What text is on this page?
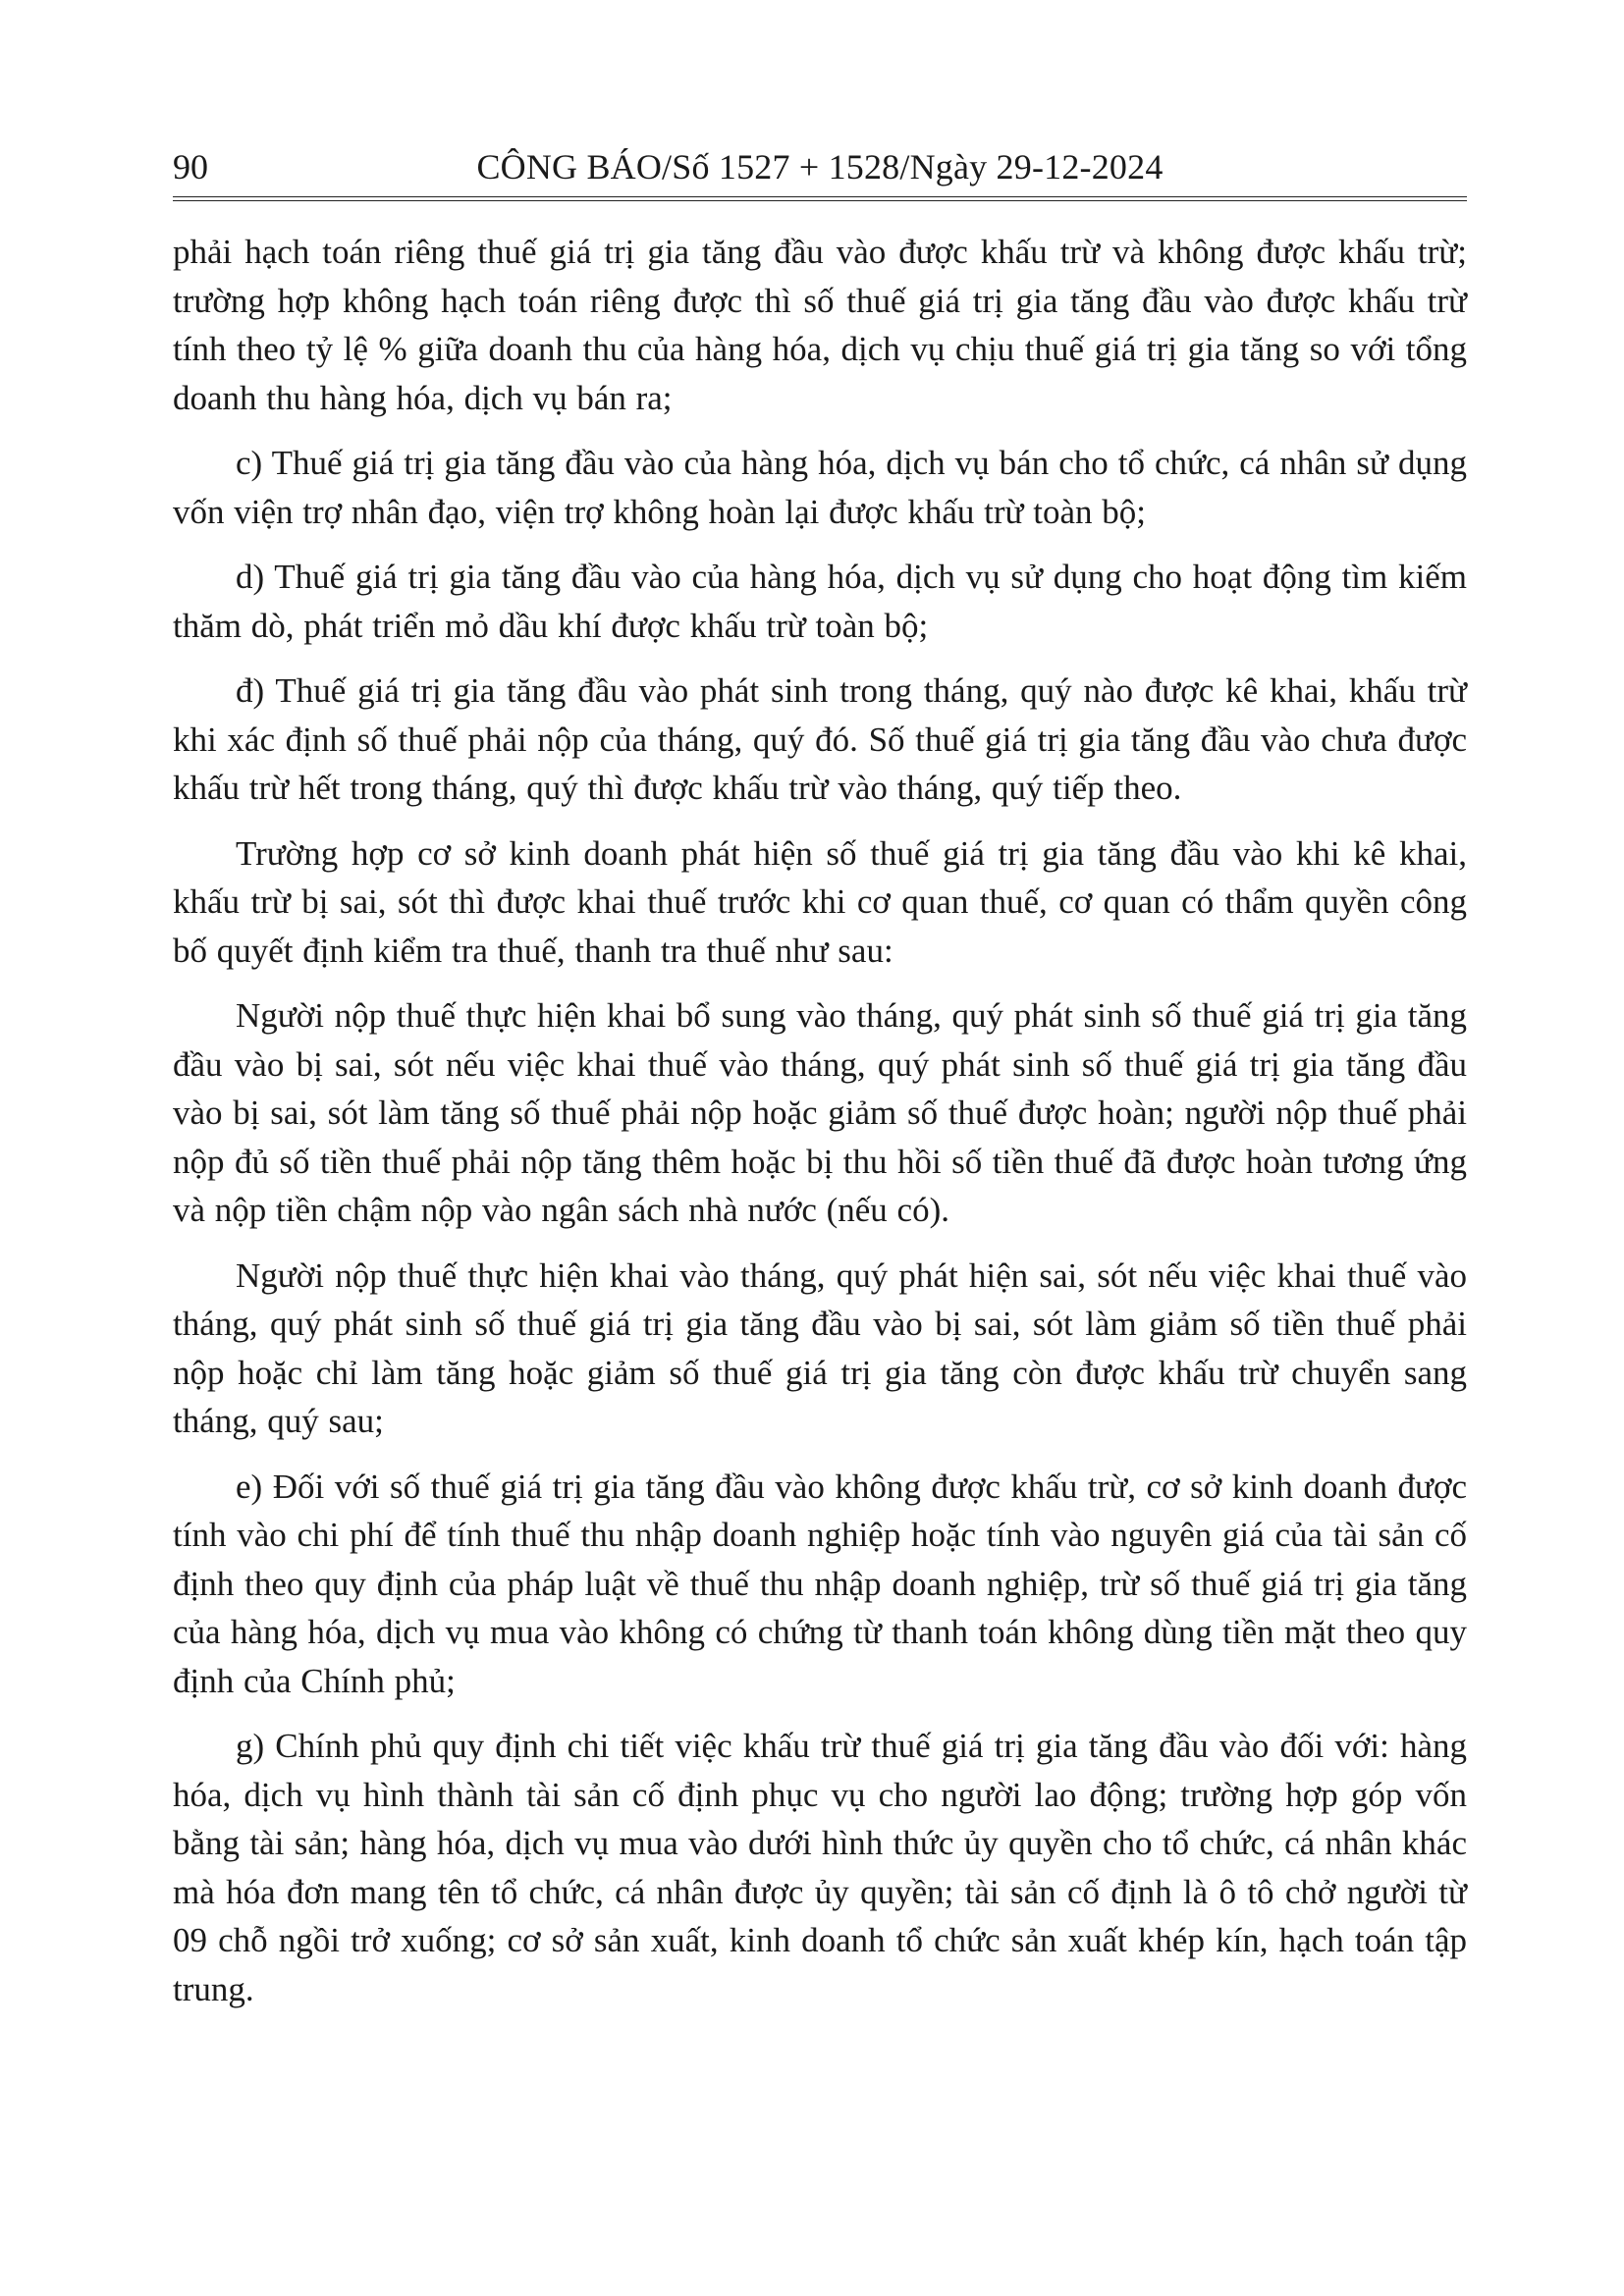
90	CÔNG BÁO/Số 1527 + 1528/Ngày 29-12-2024

phải hạch toán riêng thuế giá trị gia tăng đầu vào được khấu trừ và không được khấu trừ; trường hợp không hạch toán riêng được thì số thuế giá trị gia tăng đầu vào được khấu trừ tính theo tỷ lệ % giữa doanh thu của hàng hóa, dịch vụ chịu thuế giá trị gia tăng so với tổng doanh thu hàng hóa, dịch vụ bán ra;

c) Thuế giá trị gia tăng đầu vào của hàng hóa, dịch vụ bán cho tổ chức, cá nhân sử dụng vốn viện trợ nhân đạo, viện trợ không hoàn lại được khấu trừ toàn bộ;

d) Thuế giá trị gia tăng đầu vào của hàng hóa, dịch vụ sử dụng cho hoạt động tìm kiếm thăm dò, phát triển mỏ dầu khí được khấu trừ toàn bộ;

đ) Thuế giá trị gia tăng đầu vào phát sinh trong tháng, quý nào được kê khai, khấu trừ khi xác định số thuế phải nộp của tháng, quý đó. Số thuế giá trị gia tăng đầu vào chưa được khấu trừ hết trong tháng, quý thì được khấu trừ vào tháng, quý tiếp theo.

Trường hợp cơ sở kinh doanh phát hiện số thuế giá trị gia tăng đầu vào khi kê khai, khấu trừ bị sai, sót thì được khai thuế trước khi cơ quan thuế, cơ quan có thẩm quyền công bố quyết định kiểm tra thuế, thanh tra thuế như sau:

Người nộp thuế thực hiện khai bổ sung vào tháng, quý phát sinh số thuế giá trị gia tăng đầu vào bị sai, sót nếu việc khai thuế vào tháng, quý phát sinh số thuế giá trị gia tăng đầu vào bị sai, sót làm tăng số thuế phải nộp hoặc giảm số thuế được hoàn; người nộp thuế phải nộp đủ số tiền thuế phải nộp tăng thêm hoặc bị thu hồi số tiền thuế đã được hoàn tương ứng và nộp tiền chậm nộp vào ngân sách nhà nước (nếu có).

Người nộp thuế thực hiện khai vào tháng, quý phát hiện sai, sót nếu việc khai thuế vào tháng, quý phát sinh số thuế giá trị gia tăng đầu vào bị sai, sót làm giảm số tiền thuế phải nộp hoặc chỉ làm tăng hoặc giảm số thuế giá trị gia tăng còn được khấu trừ chuyển sang tháng, quý sau;

e) Đối với số thuế giá trị gia tăng đầu vào không được khấu trừ, cơ sở kinh doanh được tính vào chi phí để tính thuế thu nhập doanh nghiệp hoặc tính vào nguyên giá của tài sản cố định theo quy định của pháp luật về thuế thu nhập doanh nghiệp, trừ số thuế giá trị gia tăng của hàng hóa, dịch vụ mua vào không có chứng từ thanh toán không dùng tiền mặt theo quy định của Chính phủ;

g) Chính phủ quy định chi tiết việc khấu trừ thuế giá trị gia tăng đầu vào đối với: hàng hóa, dịch vụ hình thành tài sản cố định phục vụ cho người lao động; trường hợp góp vốn bằng tài sản; hàng hóa, dịch vụ mua vào dưới hình thức ủy quyền cho tổ chức, cá nhân khác mà hóa đơn mang tên tổ chức, cá nhân được ủy quyền; tài sản cố định là ô tô chở người từ 09 chỗ ngồi trở xuống; cơ sở sản xuất, kinh doanh tổ chức sản xuất khép kín, hạch toán tập trung.
